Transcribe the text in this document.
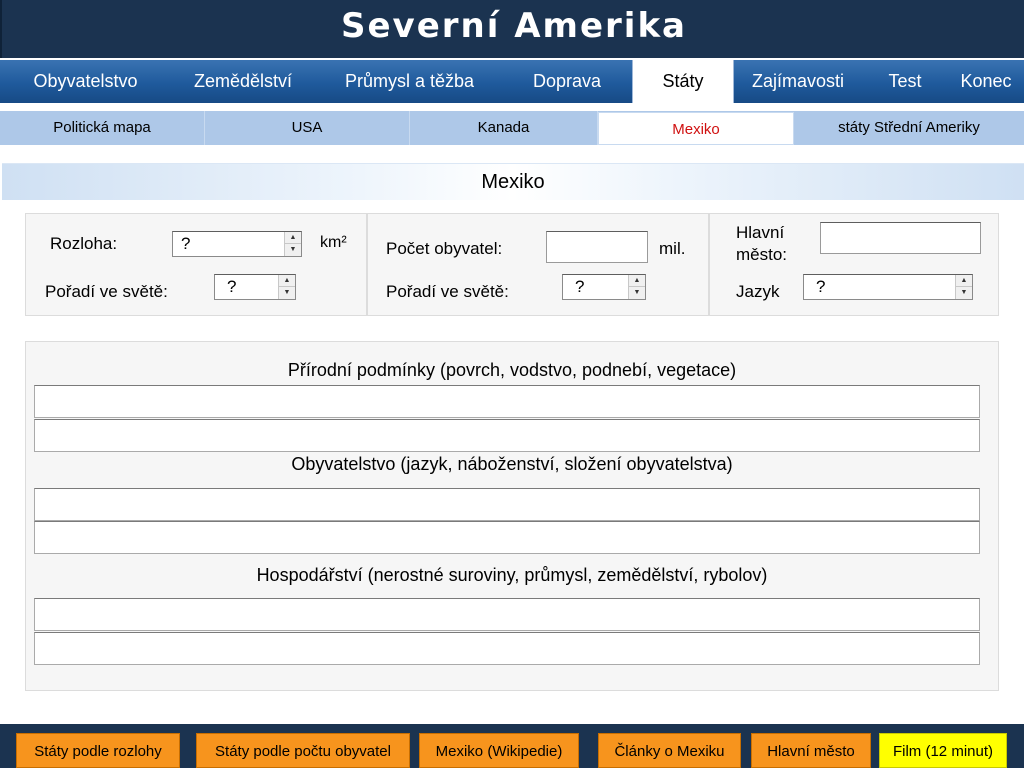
Severní Amerika
Obyvatelstvo	Zemědělství	Průmysl a těžba	Doprava	Státy	Zajímavosti	Test	Konec
Politická mapa	USA	Kanada	Mexiko	státy Střední Ameriky
Mexiko
Rozloha:	?	▲
▼ km²
Pořadí ve světě:	?	▲
▼
Počet obyvatel:	mil.
Pořadí ve světě:	?	▲
▼
Hlavní
město:
Jazyk ?	▲
▼
Přírodní podmínky (povrch, vodstvo, podnebí, vegetace)
Obyvatelstvo (jazyk, náboženství, složení obyvatelstva)
Hospodářství (nerostné suroviny, průmysl, zemědělství, rybolov)
Státy podle rozlohy	Státy podle počtu obyvatel	Mexiko (Wikipedie)	Články o Mexiku	Hlavní město	Film (12 minut)
